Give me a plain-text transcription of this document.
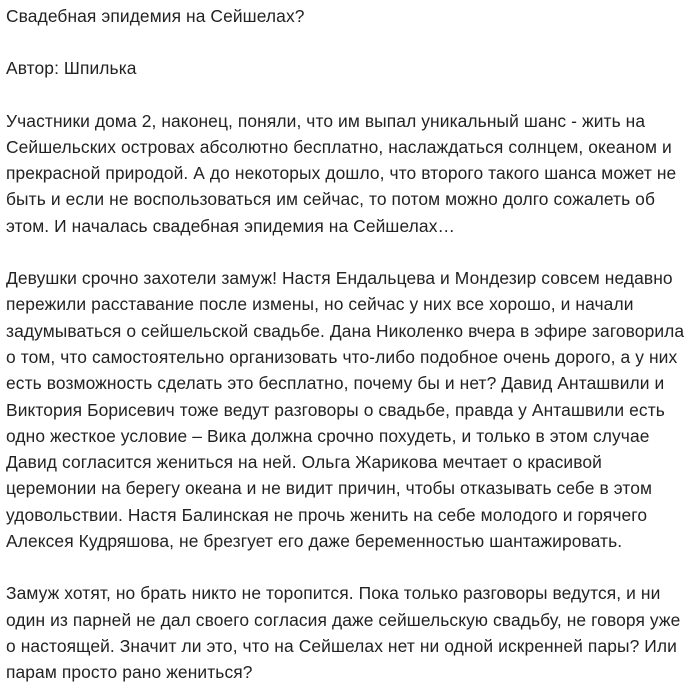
Свадебная эпидемия на Сейшелах?

Автор: Шпилька

Участники дома 2, наконец, поняли, что им выпал уникальный шанс - жить на Сейшельских островах абсолютно бесплатно, наслаждаться солнцем, океаном и прекрасной природой. А до некоторых дошло, что второго такого шанса может не быть и если не воспользоваться им сейчас, то потом можно долго сожалеть об этом. И началась свадебная эпидемия на Сейшелах…

Девушки срочно захотели замуж! Настя Ендальцева и Мондезир совсем недавно пережили расставание после измены, но сейчас у них все хорошо, и начали задумываться о сейшельской свадьбе. Дана Николенко вчера в эфире заговорила о том, что самостоятельно организовать что-либо подобное очень дорого, а у них есть возможность сделать это бесплатно, почему бы и нет? Давид Анташвили и Виктория Борисевич тоже ведут разговоры о свадьбе, правда у Анташвили есть одно жесткое условие – Вика должна срочно похудеть, и только в этом случае Давид согласится жениться на ней. Ольга Жарикова мечтает о красивой церемонии на берегу океана и не видит причин, чтобы отказывать себе в этом удовольствии. Настя Балинская не прочь женить на себе молодого и горячего Алексея Кудряшова, не брезгует его даже беременностью шантажировать.

Замуж хотят, но брать никто не торопится. Пока только разговоры ведутся, и ни один из парней не дал своего согласия даже сейшельскую свадьбу, не говоря уже о настоящей. Значит ли это, что на Сейшелах нет ни одной искренней пары? Или парам просто рано жениться?
